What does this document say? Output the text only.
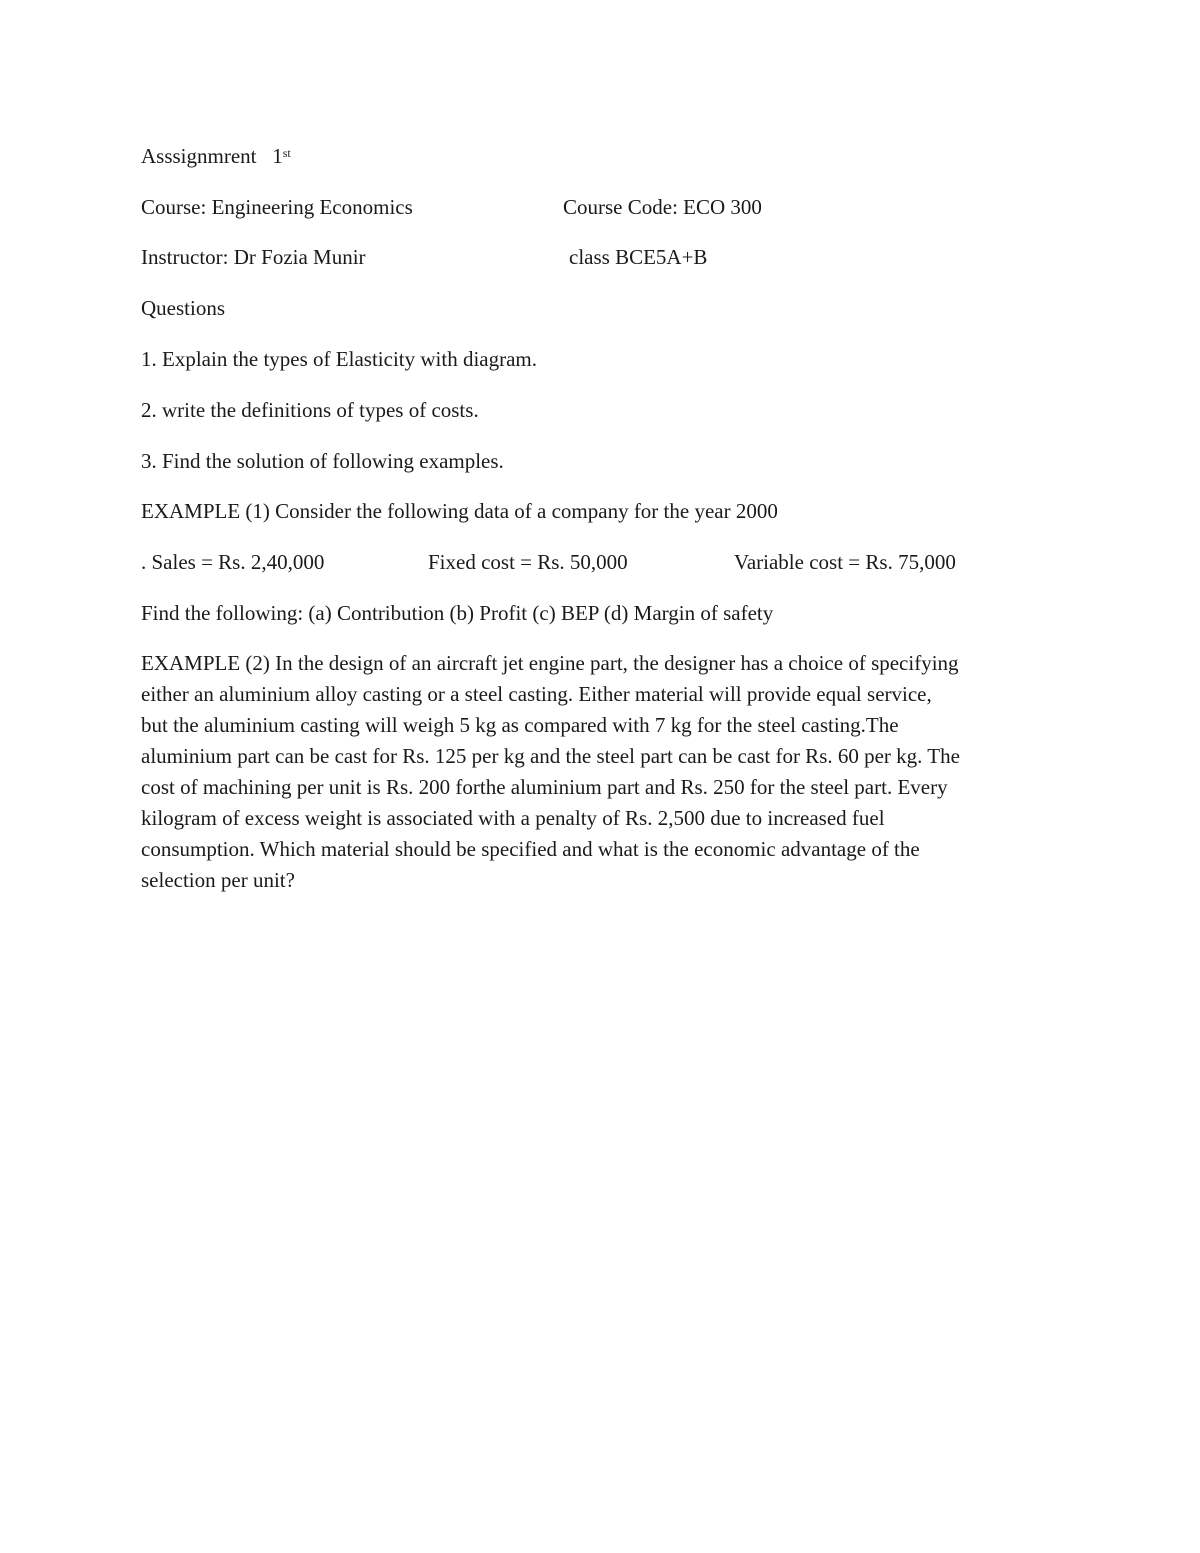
Asssignmrent 1st
Course: Engineering Economics	Course Code: ECO 300
Instructor: Dr Fozia Munir	class BCE5A+B
Questions
1. Explain the types of Elasticity with diagram.
2. write the definitions of types of costs.
3. Find the solution of following examples.
EXAMPLE (1) Consider the following data of a company for the year 2000
. Sales = Rs. 2,40,000	Fixed cost = Rs. 50,000	Variable cost = Rs. 75,000
Find the following: (a) Contribution (b) Profit (c) BEP (d) Margin of safety
EXAMPLE (2) In the design of an aircraft jet engine part, the designer has a choice of specifying
either an aluminium alloy casting or a steel casting. Either material will provide equal service,
but the aluminium casting will weigh 5 kg as compared with 7 kg for the steel casting.The
aluminium part can be cast for Rs. 125 per kg and the steel part can be cast for Rs. 60 per kg. The
cost of machining per unit is Rs. 200 forthe aluminium part and Rs. 250 for the steel part. Every
kilogram of excess weight is associated with a penalty of Rs. 2,500 due to increased fuel
consumption. Which material should be specified and what is the economic advantage of the
selection per unit?
